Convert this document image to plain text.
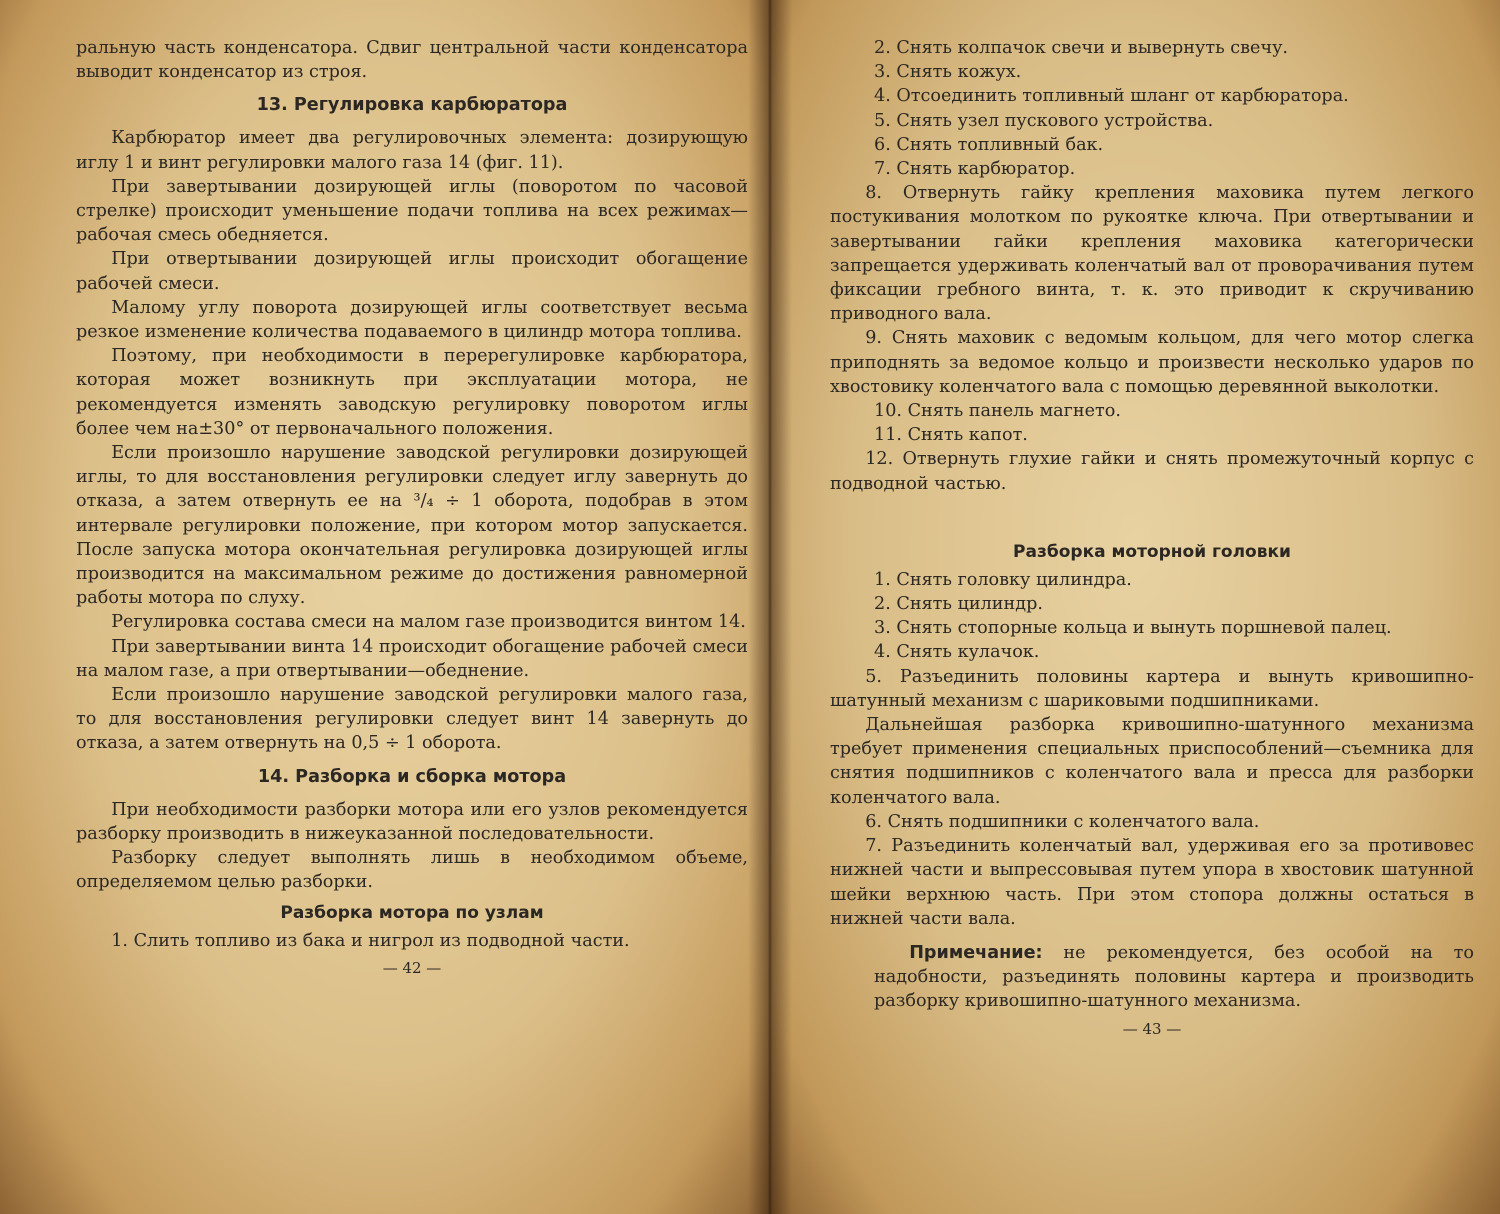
ральную часть конденсатора. Сдвиг центральной части конденсатора выводит конденсатор из строя.

13. Регулировка карбюратора

Карбюратор имеет два регулировочных элемента: дозирующую иглу 1 и винт регулировки малого газа 14 (фиг. 11).

При завертывании дозирующей иглы (поворотом по часовой стрелке) происходит уменьшение подачи топлива на всех режимах—рабочая смесь обедняется.

При отвертывании дозирующей иглы происходит обогащение рабочей смеси.

Малому углу поворота дозирующей иглы соответствует весьма резкое изменение количества подаваемого в цилиндр мотора топлива.

Поэтому, при необходимости в перерегулировке карбюратора, которая может возникнуть при эксплуатации мотора, не рекомендуется изменять заводскую регулировку поворотом иглы более чем на±30° от первоначального положения.

Если произошло нарушение заводской регулировки дозирующей иглы, то для восстановления регулировки следует иглу завернуть до отказа, а затем отвернуть ее на ³/₄ ÷ 1 оборота, подобрав в этом интервале регулировки положение, при котором мотор запускается. После запуска мотора окончательная регулировка дозирующей иглы производится на максимальном режиме до достижения равномерной работы мотора по слуху.

Регулировка состава смеси на малом газе производится винтом 14.

При завертывании винта 14 происходит обогащение рабочей смеси на малом газе, а при отвертывании—обеднение.

Если произошло нарушение заводской регулировки малого газа, то для восстановления регулировки следует винт 14 завернуть до отказа, а затем отвернуть на 0,5 ÷ 1 оборота.

14. Разборка и сборка мотора

При необходимости разборки мотора или его узлов рекомендуется разборку производить в нижеуказанной последовательности.

Разборку следует выполнять лишь в необходимом объеме, определяемом целью разборки.

Разборка мотора по узлам

1. Слить топливо из бака и нигрол из подводной части.

— 42 —

2. Снять колпачок свечи и вывернуть свечу.

3. Снять кожух.

4. Отсоединить топливный шланг от карбюратора.

5. Снять узел пускового устройства.

6. Снять топливный бак.

7. Снять карбюратор.

8. Отвернуть гайку крепления маховика путем легкого постукивания молотком по рукоятке ключа. При отвертывании и завертывании гайки крепления маховика категорически запрещается удерживать коленчатый вал от проворачивания путем фиксации гребного винта, т. к. это приводит к скручиванию приводного вала.

9. Снять маховик с ведомым кольцом, для чего мотор слегка приподнять за ведомое кольцо и произвести несколько ударов по хвостовику коленчатого вала с помощью деревянной выколотки.

10. Снять панель магнето.

11. Снять капот.

12. Отвернуть глухие гайки и снять промежуточный корпус с подводной частью.

Разборка моторной головки

1. Снять головку цилиндра.

2. Снять цилиндр.

3. Снять стопорные кольца и вынуть поршневой палец.

4. Снять кулачок.

5. Разъединить половины картера и вынуть кривошипно-шатунный механизм с шариковыми подшипниками.

Дальнейшая разборка кривошипно-шатунного механизма требует применения специальных приспособлений—съемника для снятия подшипников с коленчатого вала и пресса для разборки коленчатого вала.

6. Снять подшипники с коленчатого вала.

7. Разъединить коленчатый вал, удерживая его за противовес нижней части и выпрессовывая путем упора в хвостовик шатунной шейки верхнюю часть. При этом стопора должны остаться в нижней части вала.

Примечание: не рекомендуется, без особой на то надобности, разъединять половины картера и производить разборку кривошипно-шатунного механизма.

— 43 —
